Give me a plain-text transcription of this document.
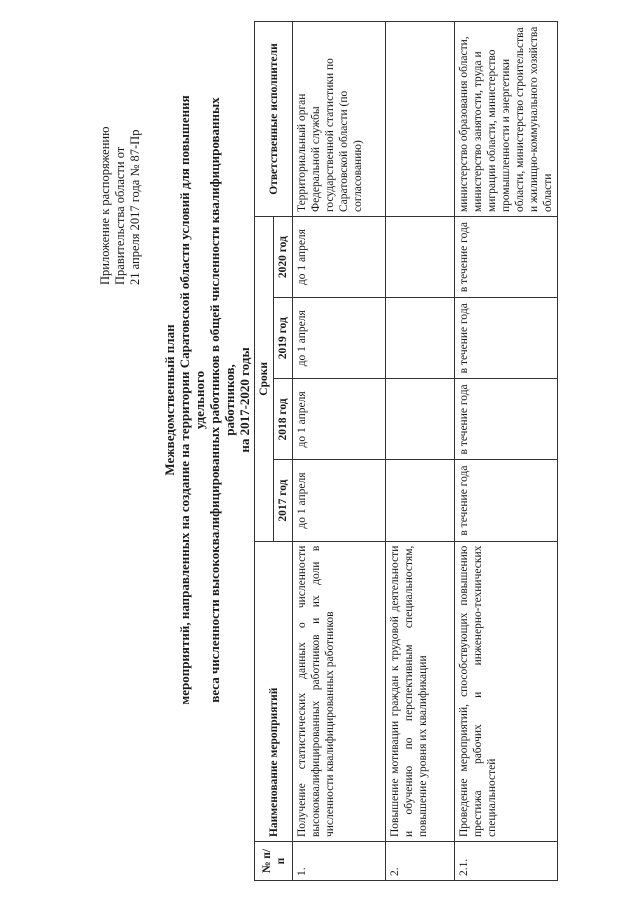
Приложение к распоряжению Правительства области от 21 апреля 2017 года № 87-Пр
Межведомственный план мероприятий, направленных на создание на территории Саратовской области условий для повышения удельного веса численности высококвалифицированных работников в общей численности квалифицированных работников, на 2017-2020 годы
№ п/п	Наименование мероприятий	Сроки				Ответственные исполнители
		2017 год	2018 год	2019 год	2020 год	
1.	Получение статистических данных о численности высококвалифицированных работников и их доли в численности квалифицированных работников	до 1 апреля	до 1 апреля	до 1 апреля	до 1 апреля	Территориальный орган Федеральной службы государственной статистики по Саратовской области (по согласованию)
2.	Повышение мотивации граждан к трудовой деятельности и обучению по перспективным специальностям, повышение уровня их квалификации					
2.1.	Проведение мероприятий, способствующих повышению престижа рабочих и инженерно-технических специальностей	в течение года	в течение года	в течение года	в течение года	министерство образования области, министерство занятости, труда и миграции области, министерство промышленности и энергетики области, министерство строительства и жилищно-коммунального хозяйства области
